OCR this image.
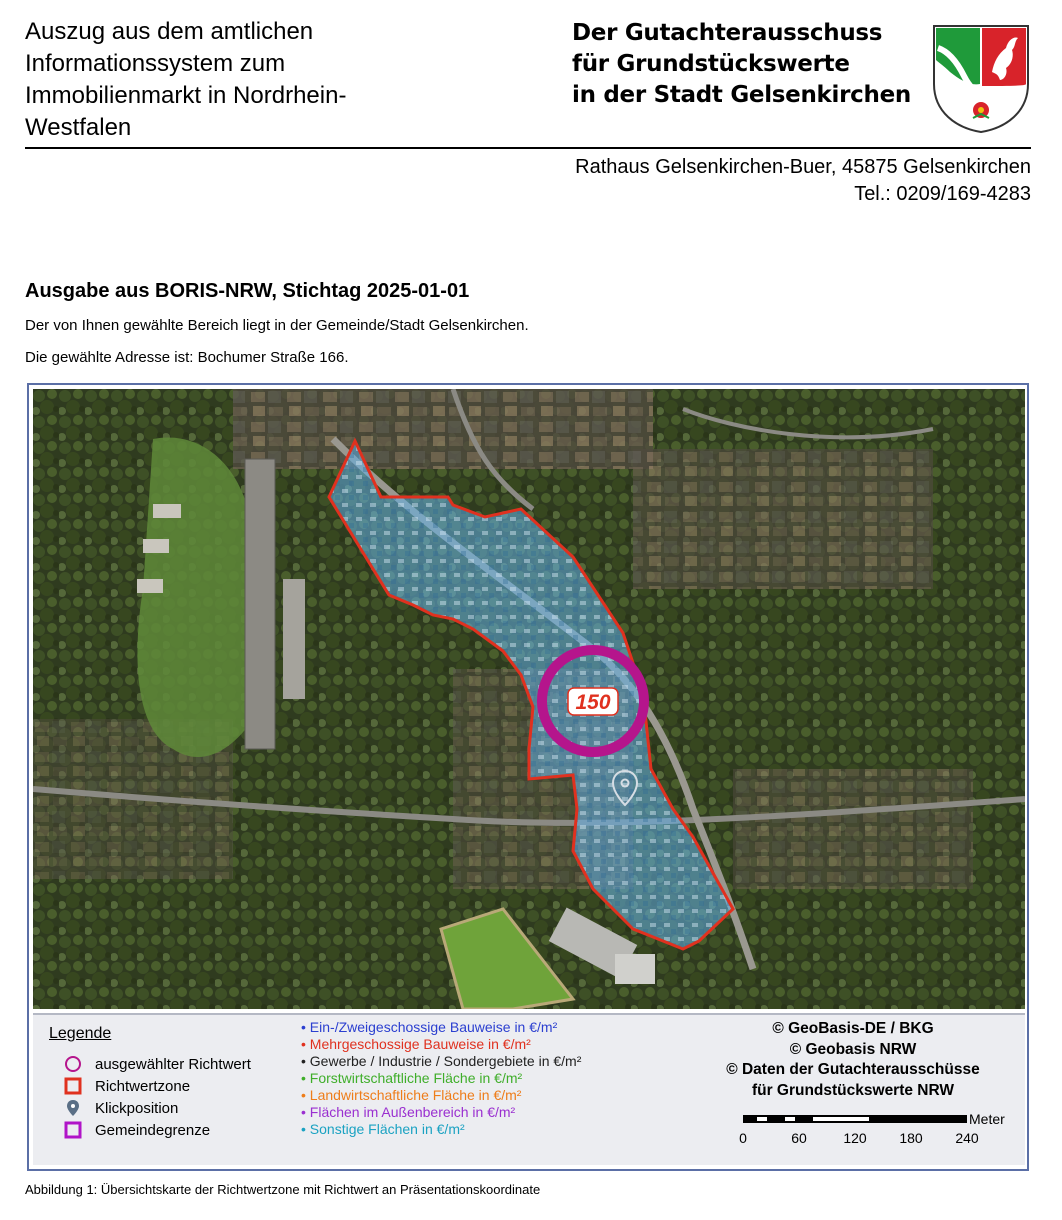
Auszug aus dem amtlichen
Informationssystem zum
Immobilienmarkt in Nordrhein-
Westfalen
Der Gutachterausschuss
für Grundstückswerte
in der Stadt Gelsenkirchen
Rathaus Gelsenkirchen-Buer, 45875 Gelsenkirchen
Tel.: 0209/169-4283
Ausgabe aus BORIS-NRW, Stichtag 2025-01-01
Der von Ihnen gewählte Bereich liegt in der Gemeinde/Stadt Gelsenkirchen.
Die gewählte Adresse ist: Bochumer Straße 166.
150
Legende
ausgewählter Richtwert
Richtwertzone
Klickposition
Gemeindegrenze
• Ein-/Zweigeschossige Bauweise in €/m²
• Mehrgeschossige Bauweise in €/m²
• Gewerbe / Industrie / Sondergebiete in €/m²
• Forstwirtschaftliche Fläche in €/m²
• Landwirtschaftliche Fläche in €/m²
• Flächen im Außenbereich in €/m²
• Sonstige Flächen in €/m²
© GeoBasis-DE / BKG
© Geobasis NRW
© Daten der Gutachterausschüsse
für Grundstückswerte NRW
Meter
0	60	120 180 240
Abbildung 1: Übersichtskarte der Richtwertzone mit Richtwert an Präsentationskoordinate
